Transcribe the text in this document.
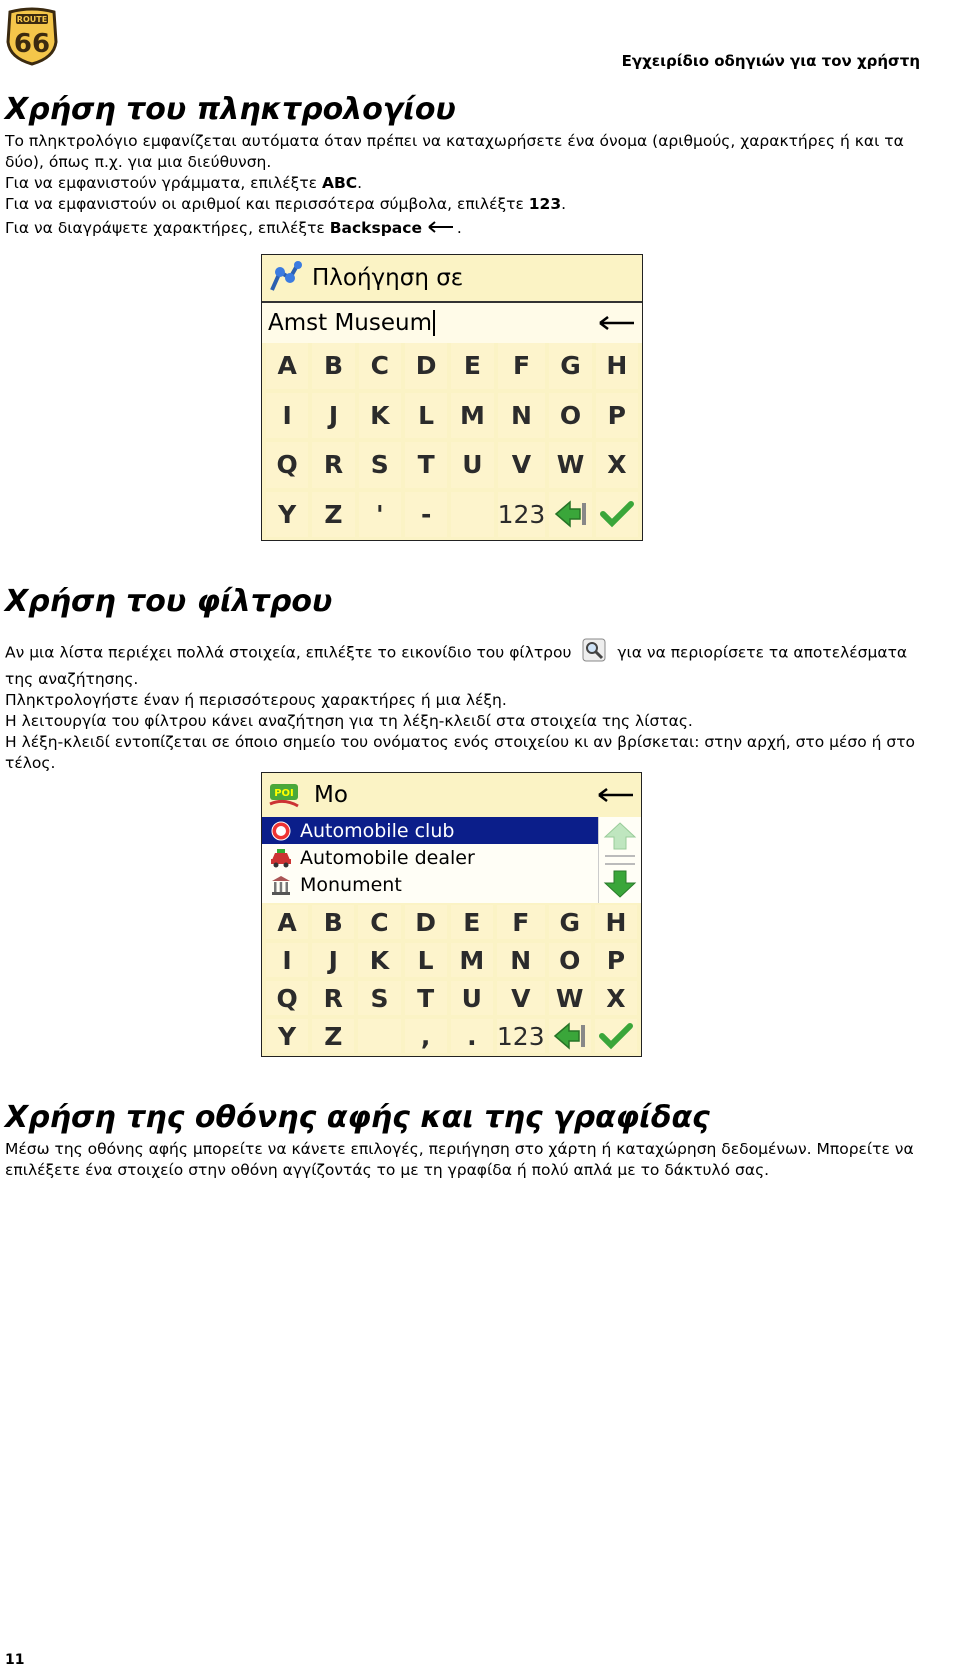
ROUTE
66
Εγχειρίδιο οδηγιών για τον χρήστη
Χρήση του πληκτρολογίου

Το πληκτρολόγιο εμφανίζεται αυτόματα όταν πρέπει να καταχωρήσετε ένα όνομα (αριθμούς, χαρακτήρες ή και τα δύο), όπως π.χ. για μια διεύθυνση.

Για να εμφανιστούν γράμματα, επιλέξτε ABC.

Για να εμφανιστούν οι αριθμοί και περισσότερα σύμβολα, επιλέξτε 123.

Για να διαγράψετε χαρακτήρες, επιλέξτε Backspace .

Πλοήγηση σε
Amst Museum
A	B	C	D	E	F	G	H
I	J	K	L	M	N	O	P
Q	R	S	T	U	V	W X
Y	Z	'	-	123
Χρήση του φίλτρου

Αν μια λίστα περιέχει πολλά στοιχεία, επιλέξτε το εικονίδιο του φίλτρου	για να περιορίσετε τα αποτελέσματα της αναζήτησης.

Πληκτρολογήστε έναν ή περισσότερους χαρακτήρες ή μια λέξη.

Η λειτουργία του φίλτρου κάνει αναζήτηση για τη λέξη-κλειδί στα στοιχεία της λίστας.

Η λέξη-κλειδί εντοπίζεται σε όποιο σημείο του ονόματος ενός στοιχείου κι αν βρίσκεται: στην αρχή, στο μέσο ή στο τέλος.

POI Mo
Automobile club
Automobile dealer
Monument
A	B	C	D	E	F	G	H
I	J	K	L	M	N	O	P
Q	R	S	T	U	V	W X
Y	Z	,	. 123
Χρήση της οθόνης αφής και της γραφίδας

Μέσω της οθόνης αφής μπορείτε να κάνετε επιλογές, περιήγηση στο χάρτη ή καταχώρηση δεδομένων. Μπορείτε να επιλέξετε ένα στοιχείο στην οθόνη αγγίζοντάς το με τη γραφίδα ή πολύ απλά με το δάκτυλό σας.

11
